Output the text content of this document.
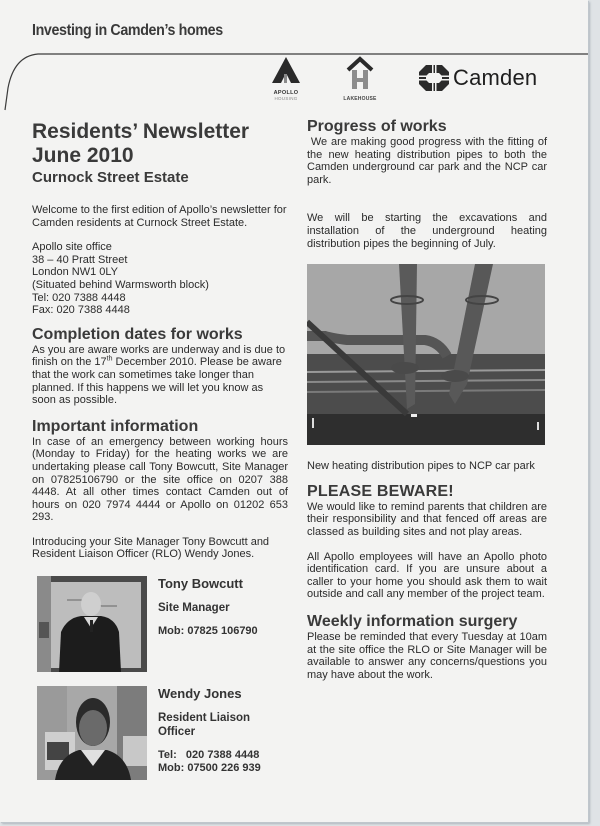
Investing in Camden’s homes
APOLLO
HOUSING	LAKEHOUSE
Camden
Residents’ Newsletter
June 2010
Curnock Street Estate

Welcome to the first edition of Apollo’s newsletter for Camden residents at Curnock Street Estate.

Apollo site office
38 – 40 Pratt Street
London NW1 0LY
(Situated behind Warmsworth block)
Tel: 020 7388 4448
Fax: 020 7388 4448
Completion dates for works

As you are aware works are underway and is due to finish on the 17th December 2010. Please be aware that the work can sometimes take longer than planned. If this happens we will let you know as soon as possible.

Important information

In case of an emergency between working hours (Monday to Friday) for the heating works we are undertaking please call Tony Bowcutt, Site Manager on 07825106790 or the site office on 0207 388 4448. At all other times contact Camden out of hours on 020 7974 4444 or Apollo on 01202 653 293.

Introducing your Site Manager Tony Bowcutt and Resident Liaison Officer (RLO) Wendy Jones.

Tony Bowcutt
Site Manager
Mob: 07825 106790
Wendy Jones
Resident Liaison Officer
Tel:   020 7388 4448
Mob: 07500 226 939
Progress of works

We are making good progress with the fitting of the new heating distribution pipes to both the Camden underground car park and the NCP car park.

We will be starting the excavations and installation of the underground heating distribution pipes the beginning of July.

New heating distribution pipes to NCP car park

PLEASE BEWARE!

We would like to remind parents that children are their responsibility and that fenced off areas are classed as building sites and not play areas.

All Apollo employees will have an Apollo photo identification card. If you are unsure about a caller to your home you should ask them to wait outside and call any member of the project team.

Weekly information surgery

Please be reminded that every Tuesday at 10am at the site office the RLO or Site Manager will be available to answer any concerns/questions you may have about the work.
